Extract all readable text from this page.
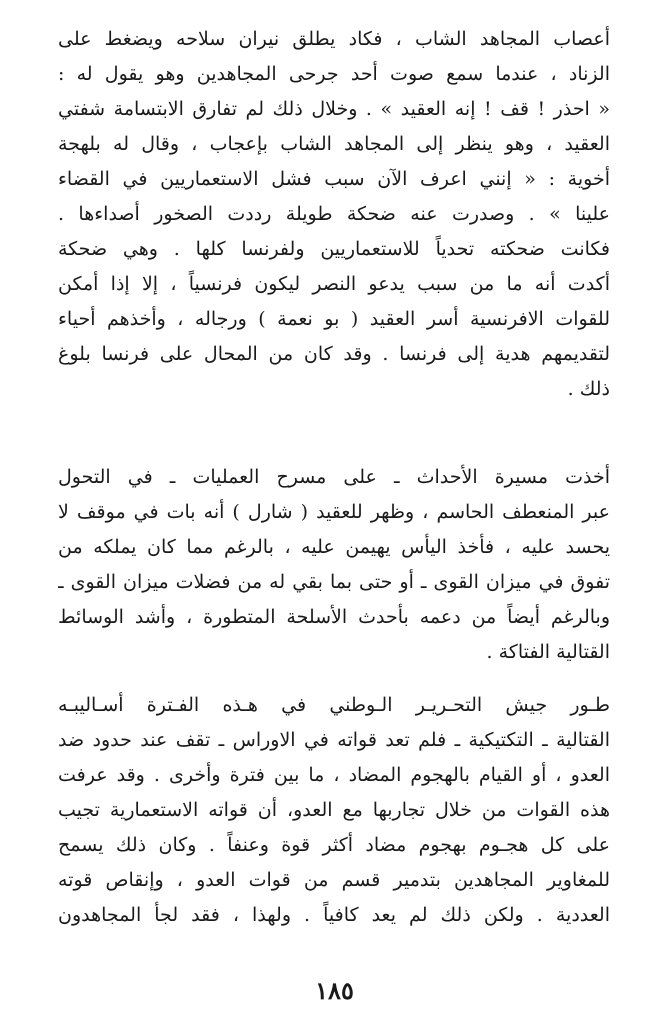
أعصاب المجاهد الشاب ، فكاد يطلق نيران سلاحه ويضغط على
الزناد ، عندما سمع صوت أحد جرحى المجاهدين وهو يقول له :
« احذر ! قف ! إنه العقيد » . وخلال ذلك لم تفارق الابتسامة شفتي
العقيد ، وهو ينظر إلى المجاهد الشاب بإعجاب ، وقال له بلهجة
أخوية : « إنني اعرف الآن سبب فشل الاستعماريين في القضاء
علينا » . وصدرت عنه ضحكة طويلة رددت الصخور أصداءها .
فكانت ضحكته تحدياً للاستعماريين ولفرنسا كلها . وهي ضحكة
أكدت أنه ما من سبب يدعو النصر ليكون فرنسياً ، إلا إذا أمكن
للقوات الافرنسية أسر العقيد ( بو نعمة ) ورجاله ، وأخذهم أحياء
لتقديمهم هدية إلى فرنسا . وقد كان من المحال على فرنسا بلوغ
ذلك .
أخذت مسيرة الأحداث ـ على مسرح العمليات ـ في التحول
عبر المنعطف الحاسم ، وظهر للعقيد ( شارل ) أنه بات في موقف لا
يحسد عليه ، فأخذ اليأس يهيمن عليه ، بالرغم مما كان يملكه من
تفوق في ميزان القوى ـ أو حتى بما بقي له من فضلات ميزان القوى ـ
وبالرغم أيضاً من دعمه بأحدث الأسلحة المتطورة ، وأشد الوسائط
القتالية الفتاكة .
طـور جيش التحـريـر الـوطني في هـذه الفـترة أسـاليبـه
القتالية ـ التكتيكية ـ فلم تعد قواته في الاوراس ـ تقف عند حدود ضد
العدو ، أو القيام بالهجوم المضاد ، ما بين فترة وأخرى . وقد عرفت
هذه القوات من خلال تجاربها مع العدو، أن قواته الاستعمارية تجيب
على كل هجـوم بهجوم مضاد أكثر قوة وعنفاً . وكان ذلك يسمح
للمغاوير المجاهدين بتدمير قسم من قوات العدو ، وإنقاص قوته
العددية . ولكن ذلك لم يعد كافياً . ولهذا ، فقد لجأ المجاهدون
١٨٥
